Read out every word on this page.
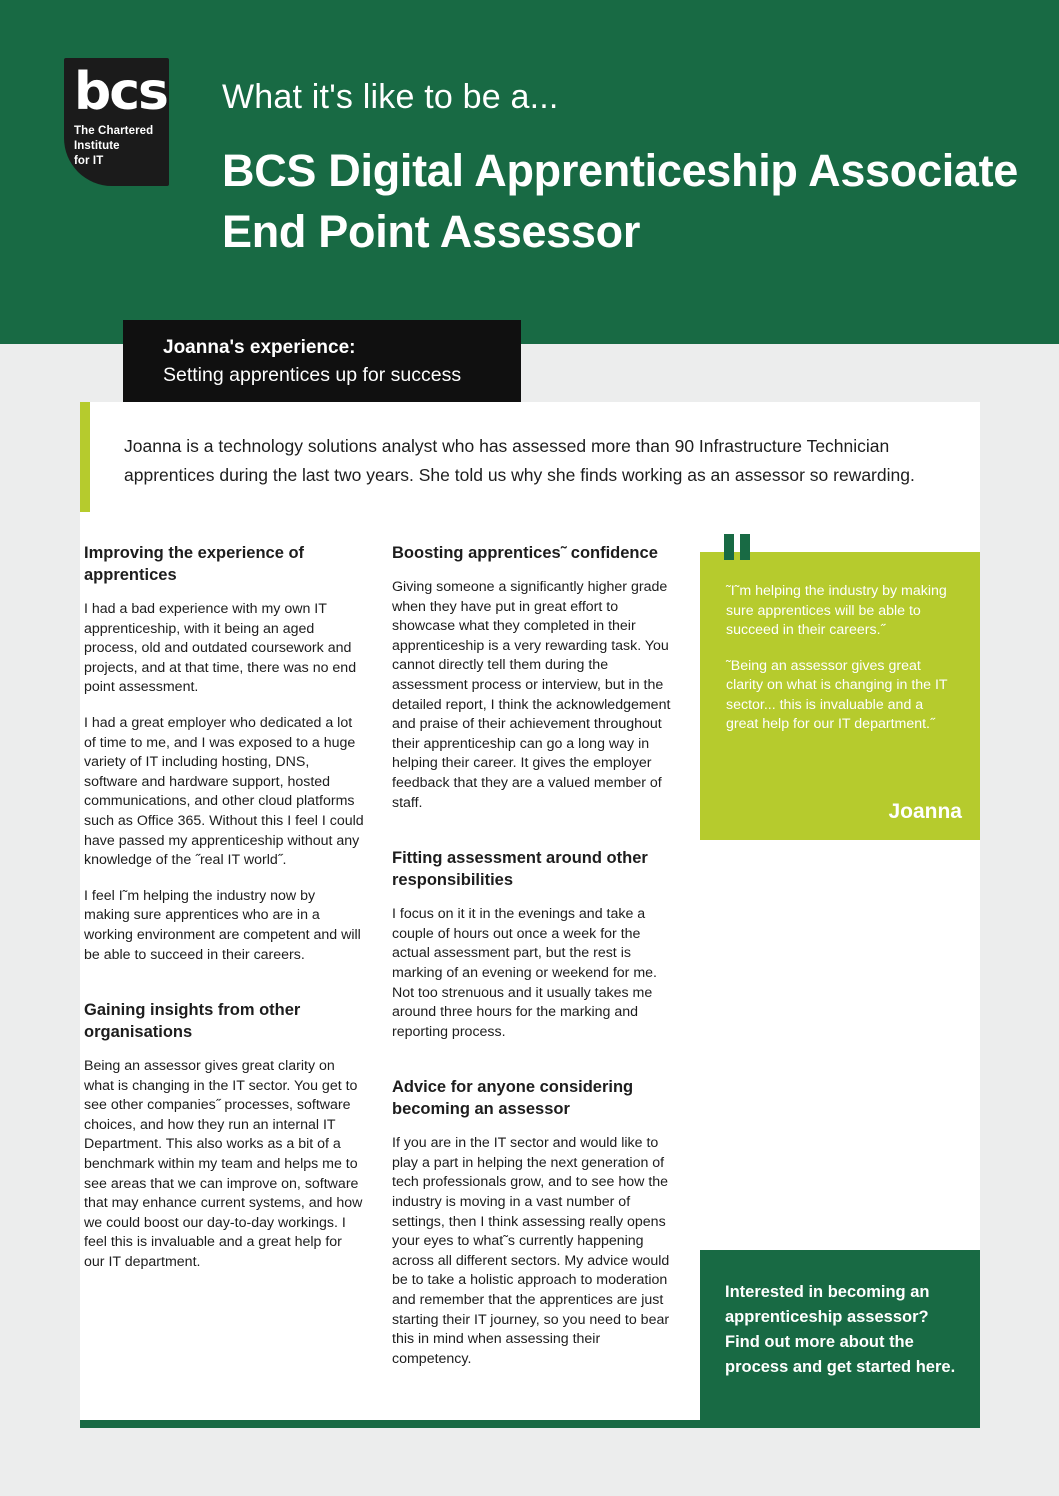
bcs
The Chartered
Institute
for IT
What it's like to be a...
BCS Digital Apprenticeship Associate End Point Assessor
Joanna's experience:
Setting apprentices up for success
Joanna is a technology solutions analyst who has assessed more than 90 Infrastructure Technician apprentices during the last two years. She told us why she finds working as an assessor so rewarding.
Improving the experience of apprentices

I had a bad experience with my own IT apprenticeship, with it being an aged process, old and outdated coursework and projects, and at that time, there was no end point assessment.

I had a great employer who dedicated a lot of time to me, and I was exposed to a huge variety of IT including hosting, DNS, software and hardware support, hosted communications, and other cloud platforms such as Office 365. Without this I feel I could have passed my apprenticeship without any knowledge of the ˝real IT world˝.

I feel I˜m helping the industry now by making sure apprentices who are in a working environment are competent and will be able to succeed in their careers.

Gaining insights from other organisations

Being an assessor gives great clarity on what is changing in the IT sector. You get to see other companies˝ processes, software choices, and how they run an internal IT Department. This also works as a bit of a benchmark within my team and helps me to see areas that we can improve on, software that may enhance current systems, and how we could boost our day-to-day workings. I feel this is invaluable and a great help for our IT department.

Boosting apprentices˜ confidence

Giving someone a significantly higher grade when they have put in great effort to showcase what they completed in their apprenticeship is a very rewarding task. You cannot directly tell them during the assessment process or interview, but in the detailed report, I think the acknowledgement and praise of their achievement throughout their apprenticeship can go a long way in helping their career. It gives the employer feedback that they are a valued member of staff.

Fitting assessment around other responsibilities

I focus on it it in the evenings and take a couple of hours out once a week for the actual assessment part, but the rest is marking of an evening or weekend for me. Not too strenuous and it usually takes me around three hours for the marking and reporting process.

Advice for anyone considering becoming an assessor

If you are in the IT sector and would like to play a part in helping the next generation of tech professionals grow, and to see how the industry is moving in a vast number of settings, then I think assessing really opens your eyes to what˜s currently happening across all different sectors. My advice would be to take a holistic approach to moderation and remember that the apprentices are just starting their IT journey, so you need to bear this in mind when assessing their competency.

˜I˜m helping the industry by making sure apprentices will be able to succeed in their careers.˝

˜Being an assessor gives great clarity on what is changing in the IT sector... this is invaluable and a great help for our IT department.˝

Joanna
Interested in becoming an apprenticeship assessor? Find out more about the process and get started here.
